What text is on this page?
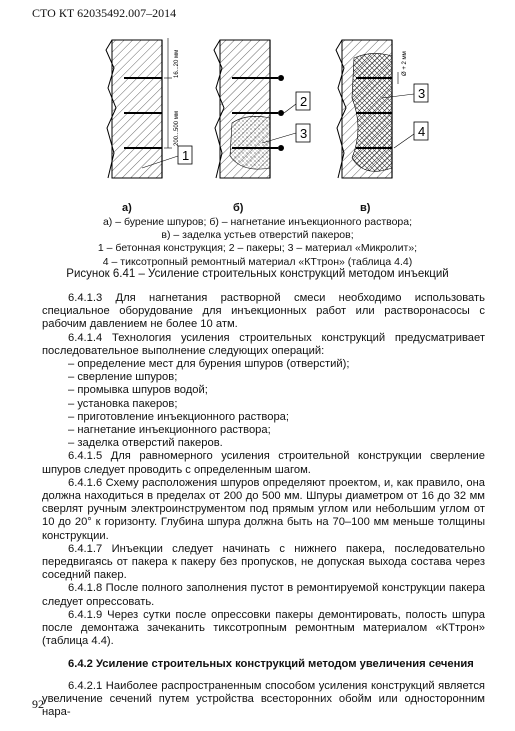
СТО КТ 62035492.007–2014
16...20 мм
200...500 мм
1
2
3
Ø + 2 мм
3
4
а)	б)	в)
а) – бурение шпуров; б) – нагнетание инъекционного раствора;
в) – заделка устьев отверстий пакеров;
1 – бетонная конструкция; 2 – пакеры; 3 – материал «Микролит»;
4 – тиксотропный ремонтный материал «КТтрон» (таблица 4.4)
Рисунок 6.41 – Усиление строительных конструкций методом инъекций

6.4.1.3 Для нагнетания растворной смеси необходимо использовать специальное оборудование для инъекционных работ или растворонасосы с рабочим давлением не более 10 атм.

6.4.1.4 Технология усиления строительных конструкций предусматривает последовательное выполнение следующих операций:

– определение мест для бурения шпуров (отверстий);

– сверление шпуров;

– промывка шпуров водой;

– установка пакеров;

– приготовление инъекционного раствора;

– нагнетание инъекционного раствора;

– заделка отверстий пакеров.

6.4.1.5 Для равномерного усиления строительной конструкции сверление шпуров следует проводить с определенным шагом.

6.4.1.6 Схему расположения шпуров определяют проектом, и, как правило, она должна находиться в пределах от 200 до 500 мм. Шпуры диаметром от 16 до 32 мм сверлят ручным электроинструментом под прямым углом или небольшим углом от 10 до 20° к горизонту. Глубина шпура должна быть на 70–100 мм меньше толщины конструкции.

6.4.1.7 Инъекции следует начинать с нижнего пакера, последовательно передвигаясь от пакера к пакеру без пропусков, не допуская выхода состава через соседний пакер.

6.4.1.8 После полного заполнения пустот в ремонтируемой конструкции пакера следует опрессовать.

6.4.1.9 Через сутки после опрессовки пакеры демонтировать, полость шпура после демонтажа зачеканить тиксотропным ремонтным материалом «КТтрон» (таблица 4.4).

6.4.2 Усиление строительных конструкций методом увеличения сечения

6.4.2.1 Наиболее распространенным способом усиления конструкций является увеличение сечений путем устройства всесторонних обойм или односторонним нара-

92
